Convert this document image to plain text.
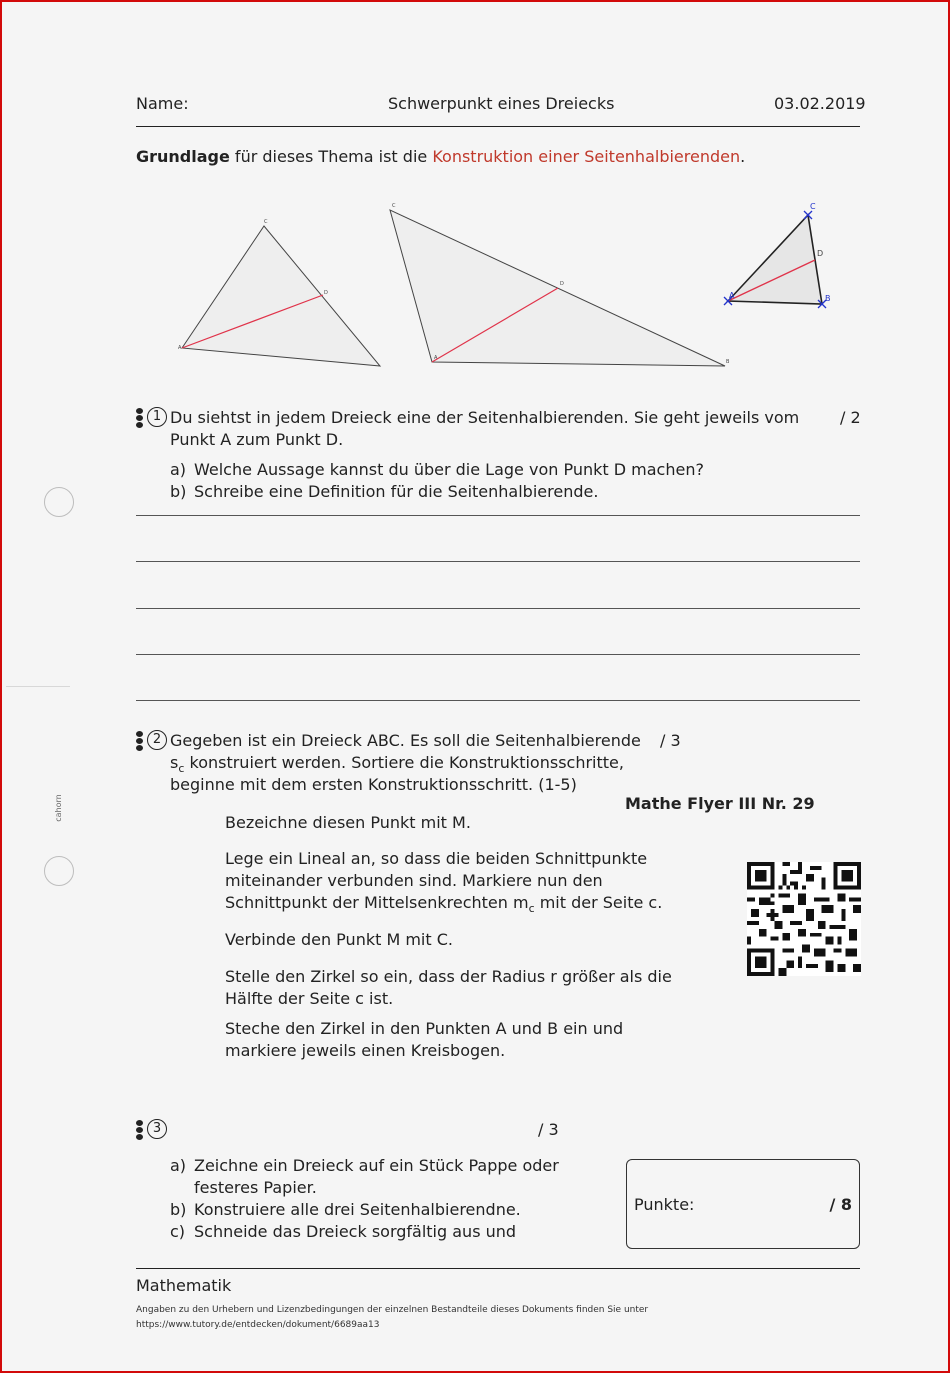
Name:	Schwerpunkt eines Dreiecks	03.02.2019
Grundlage für dieses Thema ist die Konstruktion einer Seitenhalbierenden.
A
D
C
A
D
C
B
C
D
B
A
1 Du siehtst in jedem Dreieck eine der Seitenhalbierenden. Sie geht jeweils vom	/ 2
Punkt A zum Punkt D.
a) Welche Aussage kannst du über die Lage von Punkt D machen?
b) Schreibe eine Definition für die Seitenhalbierende.
cahorn
2 Gegeben ist ein Dreieck ABC. Es soll die Seitenhalbierende / 3
$s_c$ konstruiert werden. Sortiere die Konstruktionsschritte,
beginne mit dem ersten Konstruktionsschritt. (1-5)
Mathe Flyer III Nr. 29
Bezeichne diesen Punkt mit M.
Lege ein Lineal an, so dass die beiden Schnittpunkte
miteinander verbunden sind. Markiere nun den
Schnittpunkt der Mittelsenkrechten $m_c$ mit der Seite c.
Verbinde den Punkt M mit C.
Stelle den Zirkel so ein, dass der Radius r größer als die
Hälfte der Seite c ist.
Steche den Zirkel in den Punkten A und B ein und
markiere jeweils einen Kreisbogen.
3	/ 3
a) Zeichne ein Dreieck auf ein Stück Pappe oder
festeres Papier.
b) Konstruiere alle drei Seitenhalbierendne.
c) Schneide das Dreieck sorgfältig aus und
Punkte:	/ 8
Mathematik
Angaben zu den Urhebern und Lizenzbedingungen der einzelnen Bestandteile dieses Dokuments finden Sie unter
https://www.tutory.de/entdecken/dokument/6689aa13
